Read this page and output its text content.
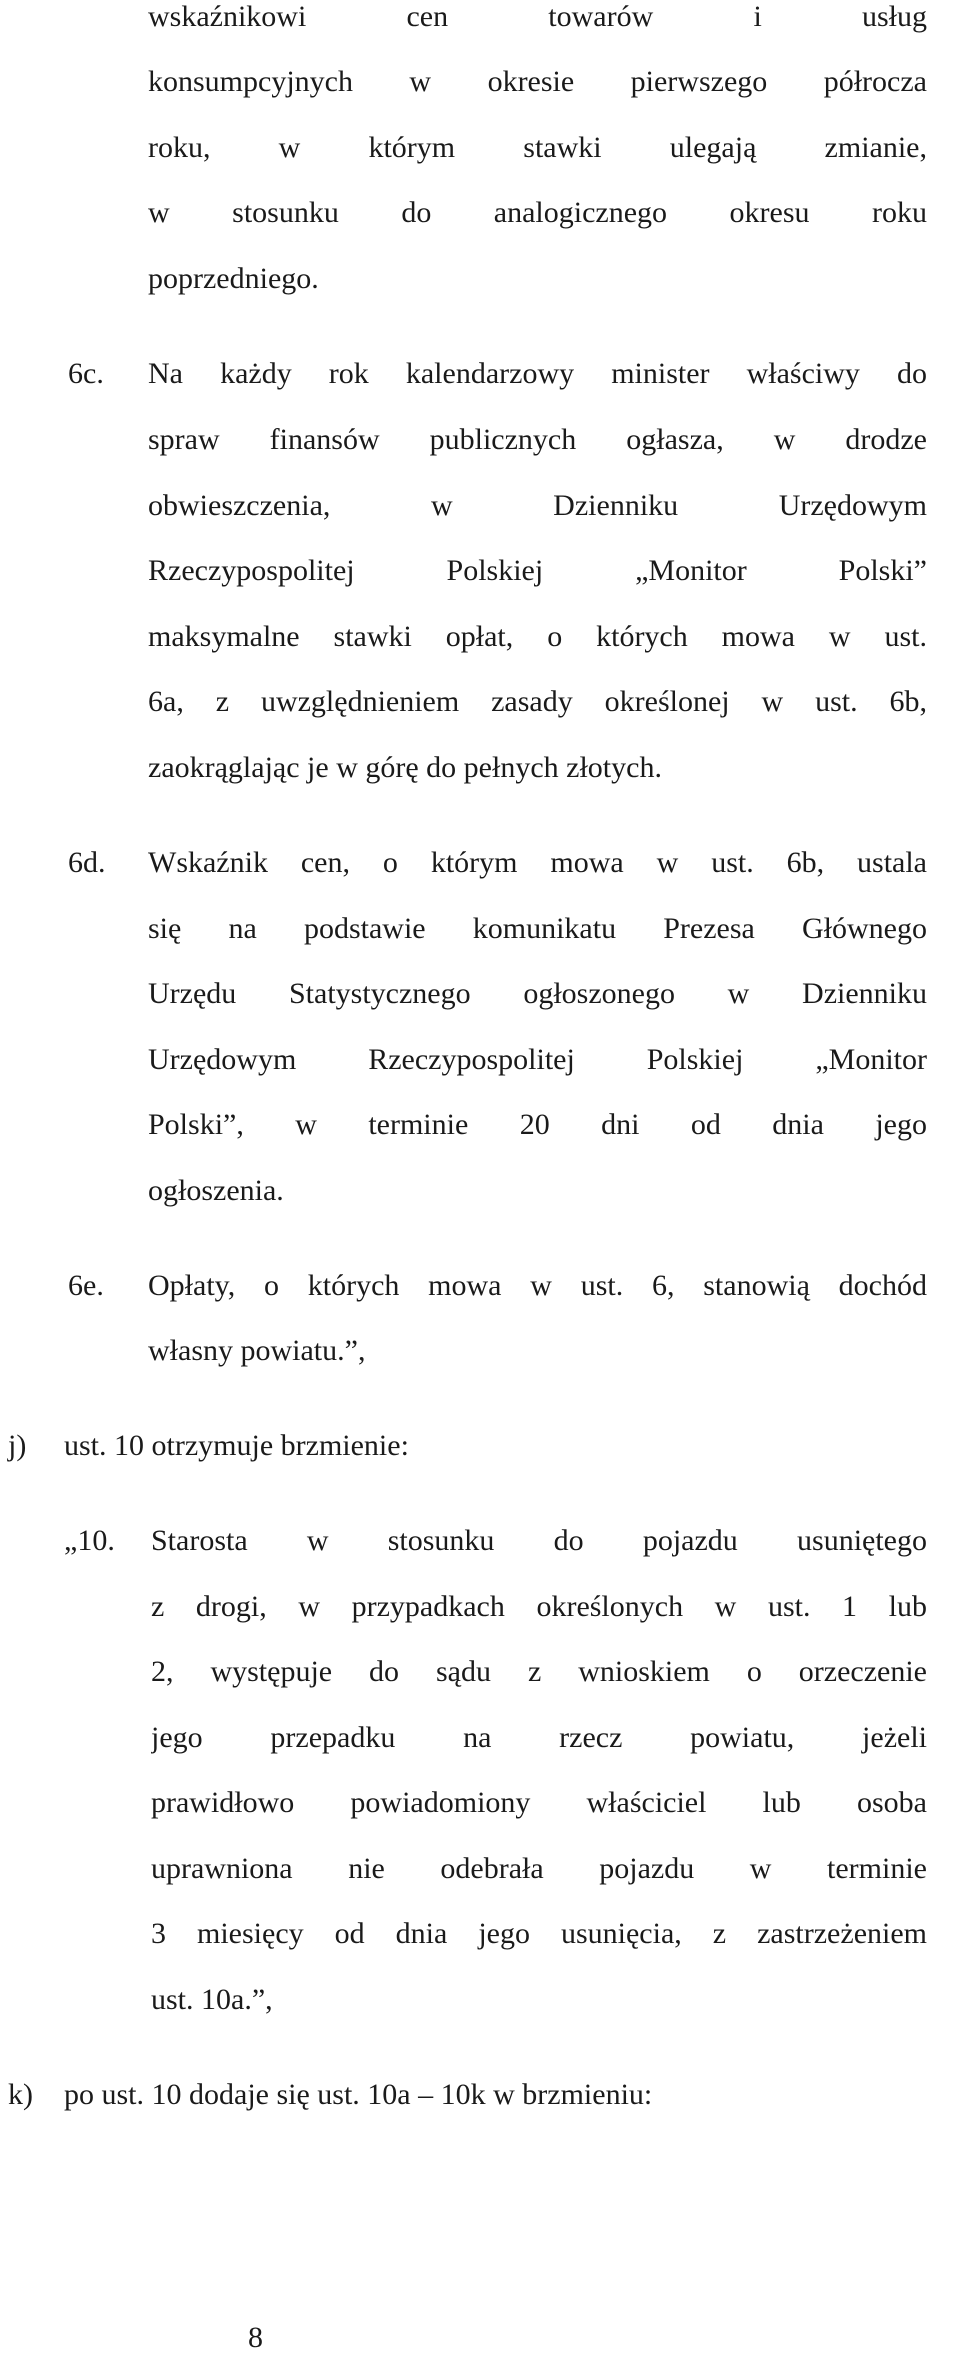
wskaźnikowi cen towarów i usług
konsumpcyjnych w okresie pierwszego półrocza
roku, w którym stawki ulegają zmianie,
w stosunku do analogicznego okresu roku
poprzedniego.
6c. Na każdy rok kalendarzowy minister właściwy do
spraw finansów publicznych ogłasza, w drodze
obwieszczenia, w Dzienniku Urzędowym
Rzeczypospolitej Polskiej „Monitor Polski”
maksymalne stawki opłat, o których mowa w ust.
6a, z uwzględnieniem zasady określonej w ust. 6b,
zaokrąglając je w górę do pełnych złotych.
6d. Wskaźnik cen, o którym mowa w ust. 6b, ustala
się na podstawie komunikatu Prezesa Głównego
Urzędu Statystycznego ogłoszonego w Dzienniku
Urzędowym Rzeczypospolitej Polskiej „Monitor
Polski”, w terminie 20 dni od dnia jego
ogłoszenia.
6e. Opłaty, o których mowa w ust. 6, stanowią dochód
własny powiatu.”,
j) ust. 10 otrzymuje brzmienie:
„10. Starosta w stosunku do pojazdu usuniętego
z drogi, w przypadkach określonych w ust. 1 lub
2, występuje do sądu z wnioskiem o orzeczenie
jego przepadku na rzecz powiatu, jeżeli
prawidłowo powiadomiony właściciel lub osoba
uprawniona nie odebrała pojazdu w terminie
3 miesięcy od dnia jego usunięcia, z zastrzeżeniem
ust. 10a.”,
k) po ust. 10 dodaje się ust. 10a – 10k w brzmieniu:
8
